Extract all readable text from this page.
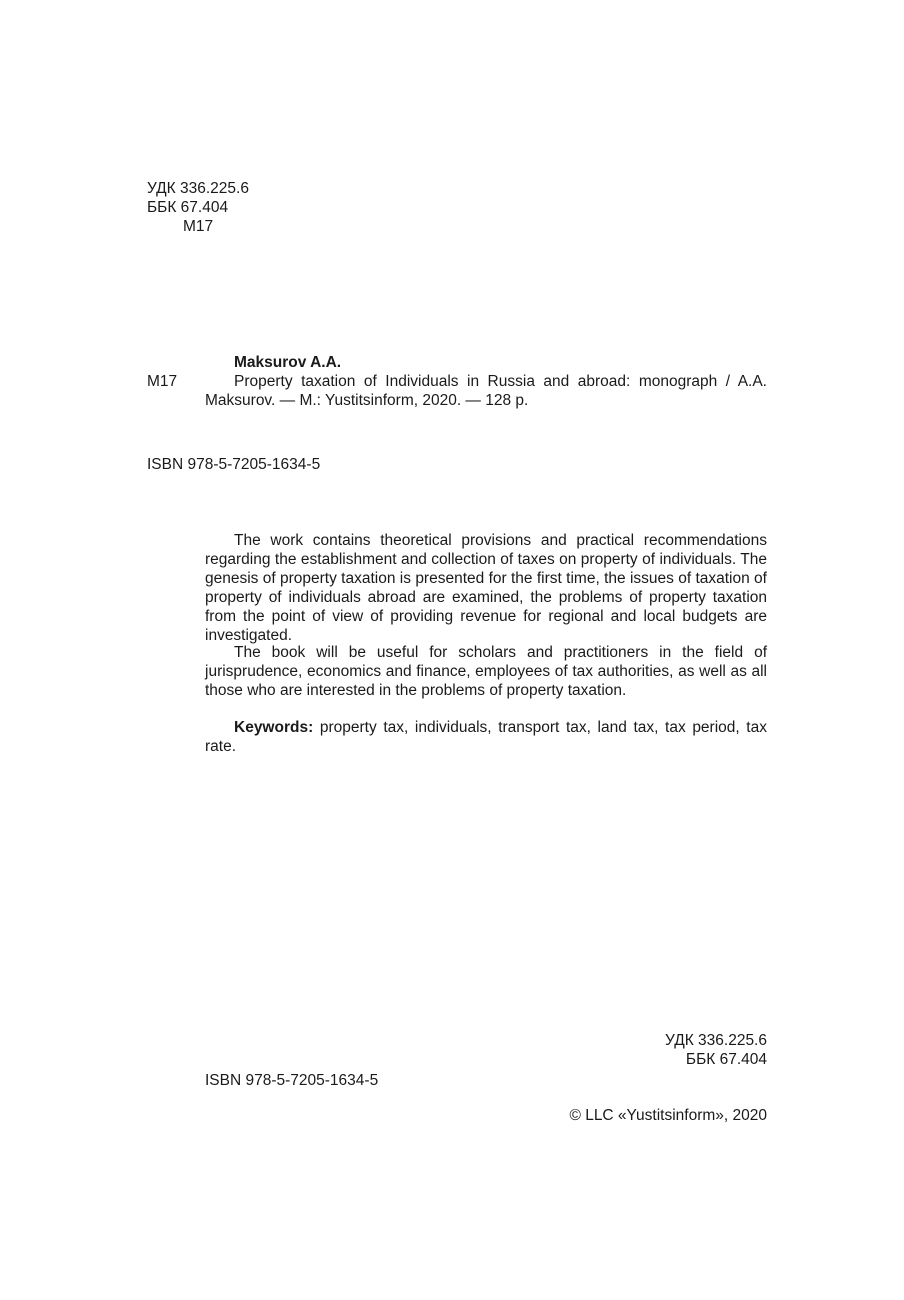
УДК 336.225.6
ББК 67.404
М17
Maksurov A.A.
М17	Property taxation of Individuals in Russia and abroad: monograph / A.A. Maksurov. — M.: Yustitsinform, 2020. — 128 p.
ISBN 978-5-7205-1634-5
The work contains theoretical provisions and practical recommendations regarding the establishment and collection of taxes on property of individuals. The genesis of property taxation is presented for the first time, the issues of taxation of property of individuals abroad are examined, the problems of property taxation from the point of view of providing revenue for regional and local budgets are investigated.
The book will be useful for scholars and practitioners in the field of jurisprudence, economics and finance, employees of tax authorities, as well as all those who are interested in the problems of property taxation.
Keywords: property tax, individuals, transport tax, land tax, tax period, tax rate.
УДК 336.225.6
ББК 67.404
ISBN 978-5-7205-1634-5
© LLC «Yustitsinform», 2020
